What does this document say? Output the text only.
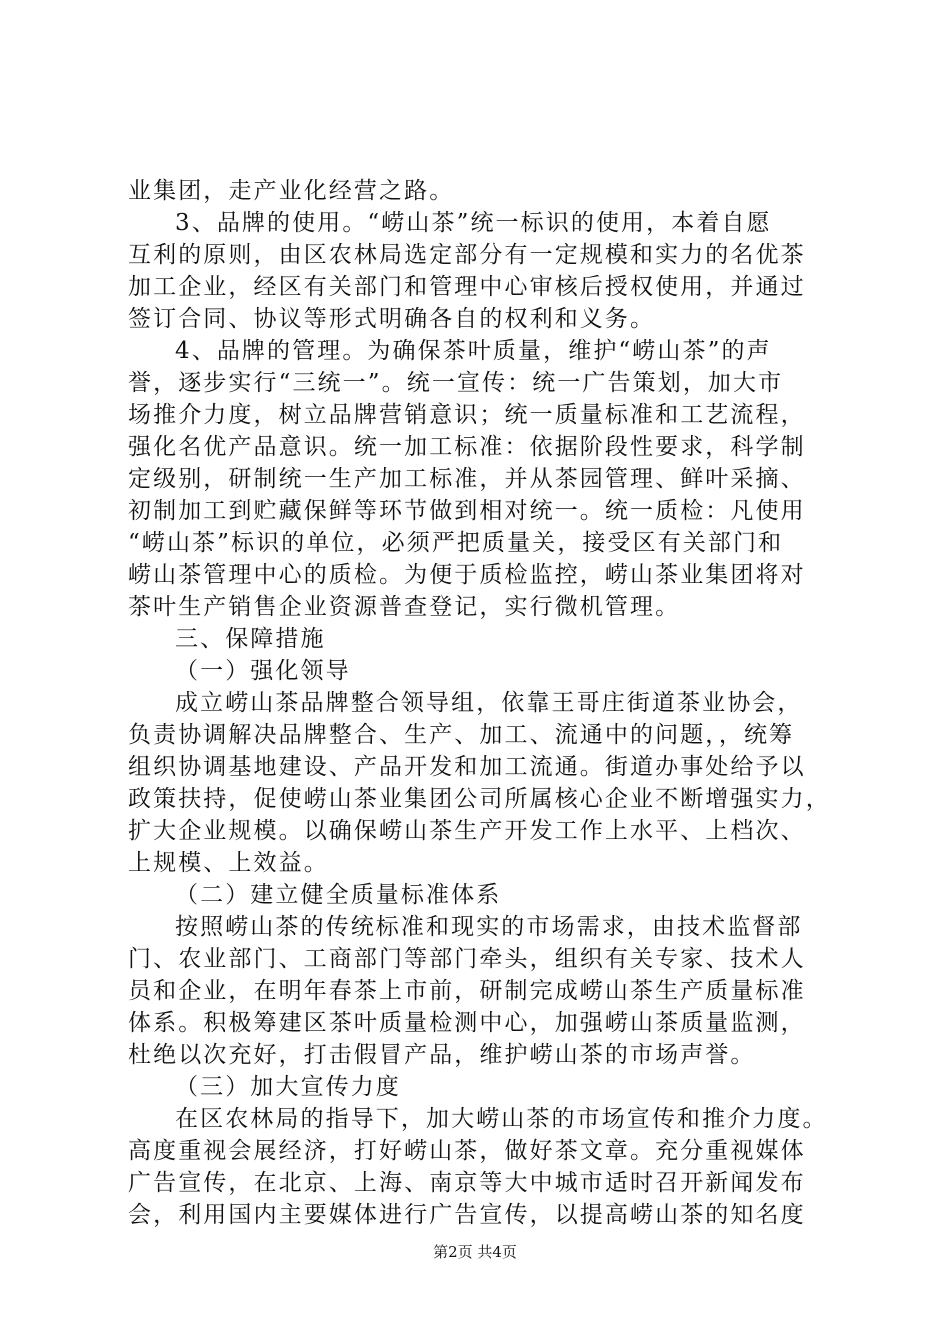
业集团，走产业化经营之路。
3、品牌的使用。“崂山茶”统一标识的使用，本着自愿
互利的原则，由区农林局选定部分有一定规模和实力的名优茶
加工企业，经区有关部门和管理中心审核后授权使用，并通过
签订合同、协议等形式明确各自的权利和义务。
4、品牌的管理。为确保茶叶质量，维护“崂山茶”的声
誉，逐步实行“三统一”。统一宣传：统一广告策划，加大市
场推介力度，树立品牌营销意识；统一质量标准和工艺流程，
强化名优产品意识。统一加工标准：依据阶段性要求，科学制
定级别，研制统一生产加工标准，并从茶园管理、鲜叶采摘、
初制加工到贮藏保鲜等环节做到相对统一。统一质检：凡使用
“崂山茶”标识的单位，必须严把质量关，接受区有关部门和
崂山茶管理中心的质检。为便于质检监控，崂山茶业集团将对
茶叶生产销售企业资源普查登记，实行微机管理。
三、保障措施
（一）强化领导
成立崂山茶品牌整合领导组，依靠王哥庄街道茶业协会，
负责协调解决品牌整合、生产、加工、流通中的问题，，统筹
组织协调基地建设、产品开发和加工流通。街道办事处给予以
政策扶持，促使崂山茶业集团公司所属核心企业不断增强实力，
扩大企业规模。以确保崂山茶生产开发工作上水平、上档次、
上规模、上效益。
（二）建立健全质量标准体系
按照崂山茶的传统标准和现实的市场需求，由技术监督部
门、农业部门、工商部门等部门牵头，组织有关专家、技术人
员和企业，在明年春茶上市前，研制完成崂山茶生产质量标准
体系。积极筹建区茶叶质量检测中心，加强崂山茶质量监测，
杜绝以次充好，打击假冒产品，维护崂山茶的市场声誉。
（三）加大宣传力度
在区农林局的指导下，加大崂山茶的市场宣传和推介力度。
高度重视会展经济，打好崂山茶，做好茶文章。充分重视媒体
广告宣传，在北京、上海、南京等大中城市适时召开新闻发布
会，利用国内主要媒体进行广告宣传，以提高崂山茶的知名度
第2页 共4页
